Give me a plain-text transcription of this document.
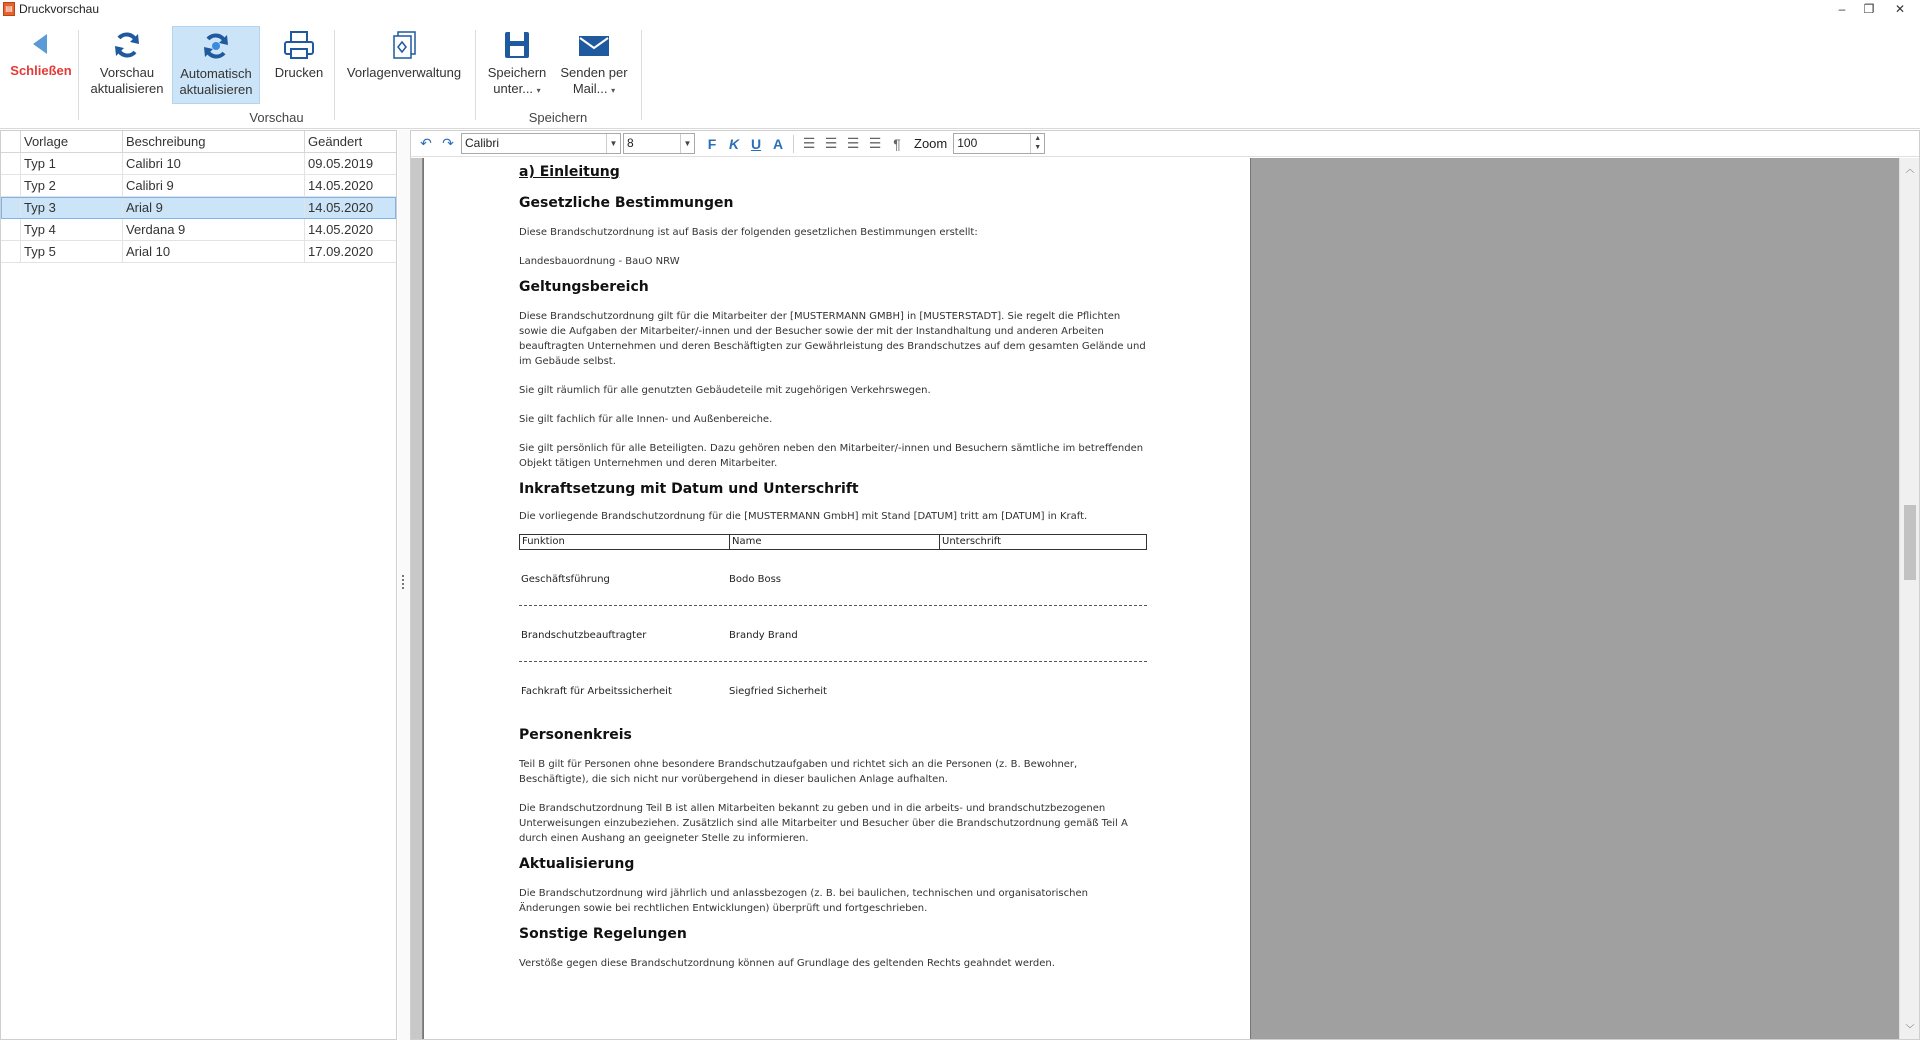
▤ Druckvorschau	–	❐	✕
Schließen Vorschau
aktualisieren
Automatisch
aktualisieren
Drucken Vorlagenverwaltung Speichern
unter... ▾
Senden per
Mail... ▾
Vorschau	Speichern
Vorlage	Beschreibung	Geändert
Typ 1	Calibri 10	09.05.2019
Typ 2	Calibri 9	14.05.2020
Typ 3	Arial 9	14.05.2020
Typ 4	Verdana 9	14.05.2020
Typ 5	Arial 10	17.09.2020
↶ ↷ Calibri	▼ 8	▼	F K U A	☰ ☰ ☰ ☰ ¶	Zoom 100	▲
▼
a) Einleitung
Gesetzliche Bestimmungen
Diese Brandschutzordnung ist auf Basis der folgenden gesetzlichen Bestimmungen erstellt:
Landesbauordnung - BauO NRW
Geltungsbereich
Diese Brandschutzordnung gilt für die Mitarbeiter der [MUSTERMANN GMBH] in [MUSTERSTADT]. Sie regelt die Pflichten sowie die Aufgaben der Mitarbeiter/-innen und der Besucher sowie der mit der Instandhaltung und anderen Arbeiten beauftragten Unternehmen und deren Beschäftigten zur Gewährleistung des Brandschutzes auf dem gesamten Gelände und im Gebäude selbst.
Sie gilt räumlich für alle genutzten Gebäudeteile mit zugehörigen Verkehrswegen.
Sie gilt fachlich für alle Innen- und Außenbereiche.
Sie gilt persönlich für alle Beteiligten. Dazu gehören neben den Mitarbeiter/-innen und Besuchern sämtliche im betreffenden Objekt tätigen Unternehmen und deren Mitarbeiter.
Inkraftsetzung mit Datum und Unterschrift
Die vorliegende Brandschutzordnung für die [MUSTERMANN GmbH] mit Stand [DATUM] tritt am [DATUM] in Kraft.
Funktion	Name	Unterschrift
Geschäftsführung	Bodo Boss
Brandschutzbeauftragter	Brandy Brand
Fachkraft für Arbeitssicherheit	Siegfried Sicherheit
Personenkreis
Teil B gilt für Personen ohne besondere Brandschutzaufgaben und richtet sich an die Personen (z. B. Bewohner, Beschäftigte), die sich nicht nur vorübergehend in dieser baulichen Anlage aufhalten.
Die Brandschutzordnung Teil B ist allen Mitarbeiten bekannt zu geben und in die arbeits- und brandschutzbezogenen Unterweisungen einzubeziehen. Zusätzlich sind alle Mitarbeiter und Besucher über die Brandschutzordnung gemäß Teil A durch einen Aushang an geeigneter Stelle zu informieren.
Aktualisierung
Die Brandschutzordnung wird jährlich und anlassbezogen (z. B. bei baulichen, technischen und organisatorischen Änderungen sowie bei rechtlichen Entwicklungen) überprüft und fortgeschrieben.
Sonstige Regelungen
Verstöße gegen diese Brandschutzordnung können auf Grundlage des geltenden Rechts geahndet werden.
︿
﹀
